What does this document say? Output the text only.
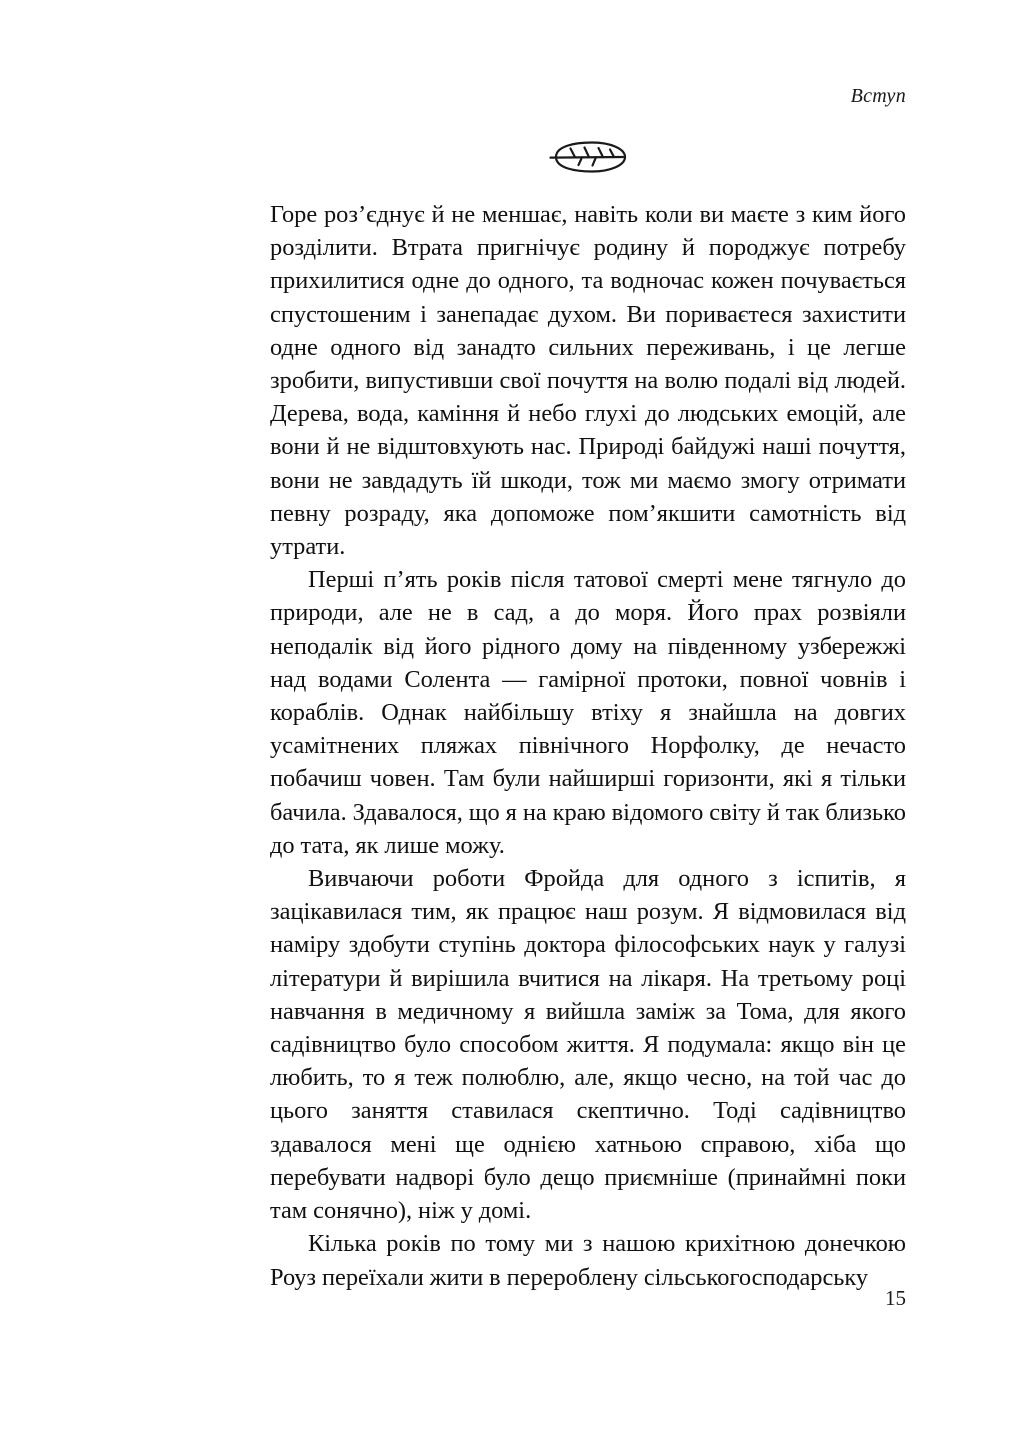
Вступ

Горе роз’єднує й не меншає, навіть коли ви маєте з ким його розділити. Втрата пригнічує родину й породжує потребу прихилитися одне до одного, та водночас кожен почувається спустошеним і занепадає духом. Ви пориваєтеся захистити одне одного від занадто сильних переживань, і це легше зробити, випустивши свої почуття на волю подалі від людей. Дерева, вода, каміння й небо глухі до людських емоцій, але вони й не відштовхують нас. Природі байдужі наші почуття, вони не завдадуть їй шкоди, тож ми маємо змогу отримати певну розраду, яка допоможе пом’якшити самотність від утрати.

Перші п’ять років після татової смерті мене тягнуло до природи, але не в сад, а до моря. Його прах розвіяли неподалік від його рідного дому на південному узбережжі над водами Солента — гамірної протоки, повної човнів і кораблів. Однак найбільшу втіху я знайшла на довгих усамітнених пляжах північного Норфолку, де нечасто побачиш човен. Там були найширші горизонти, які я тільки бачила. Здавалося, що я на краю відомого світу й так близько до тата, як лише можу.

Вивчаючи роботи Фройда для одного з іспитів, я зацікавилася тим, як працює наш розум. Я відмовилася від наміру здобути ступінь доктора філософських наук у галузі літератури й вирішила вчитися на лікаря. На третьому році навчання в медичному я вийшла заміж за Тома, для якого садівництво було способом життя. Я подумала: якщо він це любить, то я теж полюблю, але, якщо чесно, на той час до цього заняття ставилася скептично. Тоді садівництво здавалося мені ще однією хатньою справою, хіба що перебувати надворі було дещо приємніше (принаймні поки там сонячно), ніж у домі.

Кілька років по тому ми з нашою крихітною донечкою Роуз переїхали жити в перероблену сільськогосподарську

15
